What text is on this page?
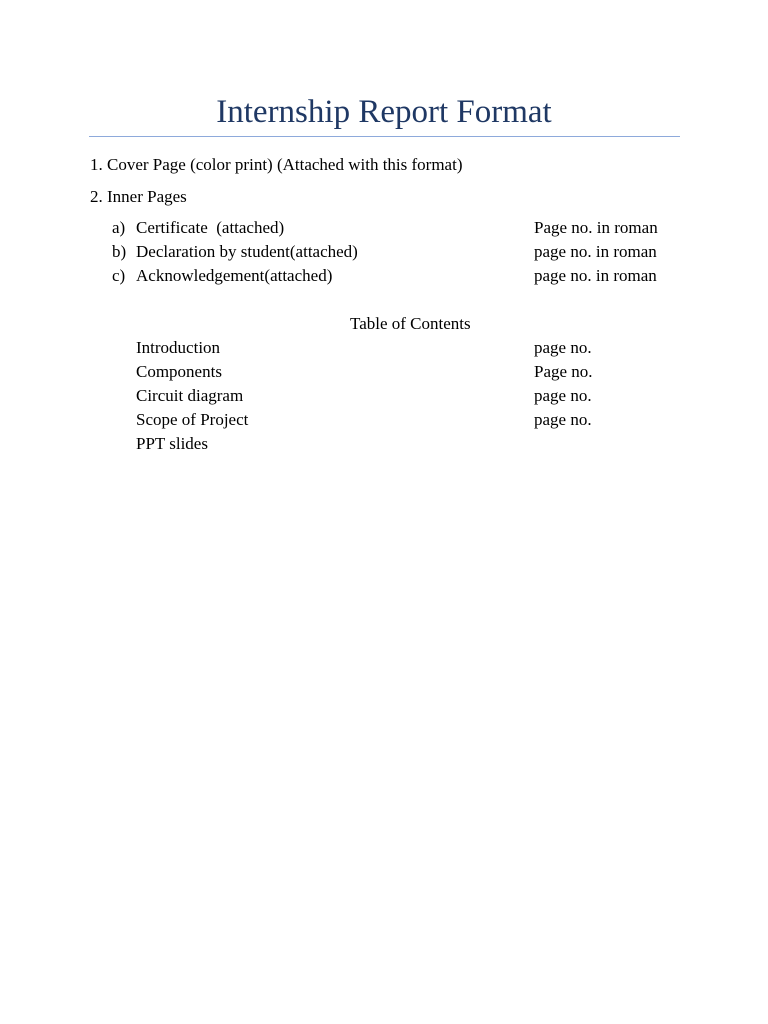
Internship Report Format
1. Cover Page (color print) (Attached with this format)
2. Inner Pages
a) Certificate  (attached)	Page no. in roman
b) Declaration by student(attached)	page no. in roman
c) Acknowledgement(attached)	page no. in roman
Table of Contents
Introduction	page no.
Components	Page no.
Circuit diagram	page no.
Scope of Project	page no.
PPT slides
